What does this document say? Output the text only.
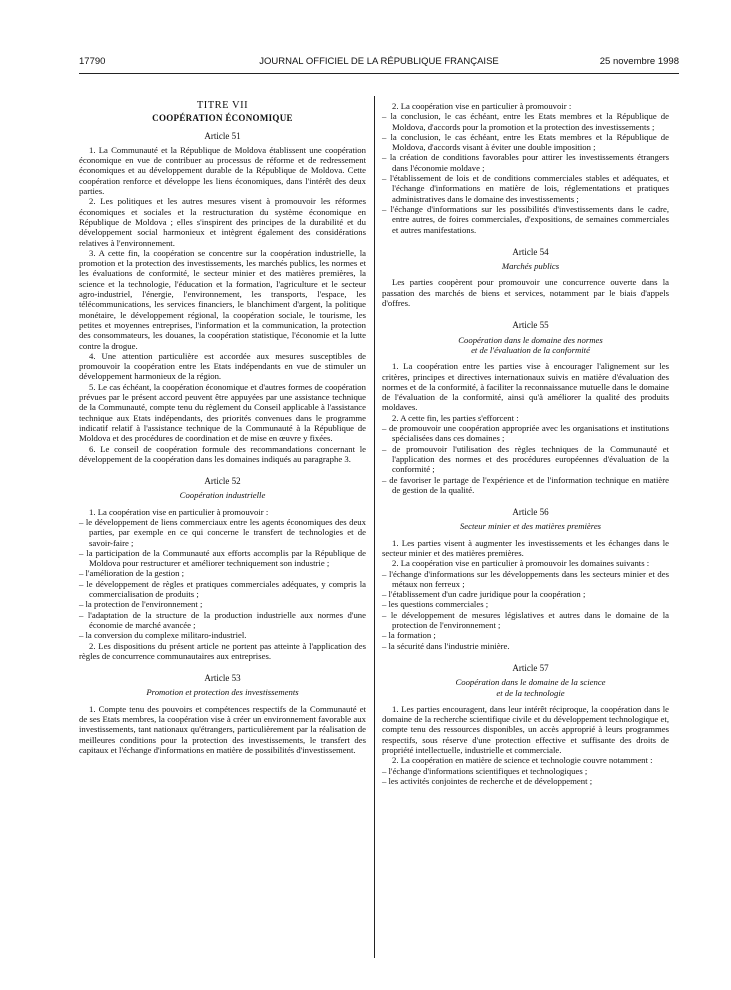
17790	JOURNAL OFFICIEL DE LA RÉPUBLIQUE FRANÇAISE	25 novembre 1998

TITRE VII

COOPÉRATION ÉCONOMIQUE

Article 51

1. La Communauté et la République de Moldova établissent une coopération économique en vue de contribuer au processus de réforme et de redressement économiques et au développement durable de la République de Moldova. Cette coopération renforce et développe les liens économiques, dans l'intérêt des deux parties.

2. Les politiques et les autres mesures visent à promouvoir les réformes économiques et sociales et la restructuration du système économique en République de Moldova ; elles s'inspirent des principes de la durabilité et du développement social harmonieux et intègrent également des considérations relatives à l'environnement.

3. A cette fin, la coopération se concentre sur la coopération industrielle, la promotion et la protection des investissements, les marchés publics, les normes et les évaluations de conformité, le secteur minier et des matières premières, la science et la technologie, l'éducation et la formation, l'agriculture et le secteur agro-industriel, l'énergie, l'environnement, les transports, l'espace, les télécommunications, les services financiers, le blanchiment d'argent, la politique monétaire, le développement régional, la coopération sociale, le tourisme, les petites et moyennes entreprises, l'information et la communication, la protection des consommateurs, les douanes, la coopération statistique, l'économie et la lutte contre la drogue.

4. Une attention particulière est accordée aux mesures susceptibles de promouvoir la coopération entre les Etats indépendants en vue de stimuler un développement harmonieux de la région.

5. Le cas échéant, la coopération économique et d'autres formes de coopération prévues par le présent accord peuvent être appuyées par une assistance technique de la Communauté, compte tenu du règlement du Conseil applicable à l'assistance technique aux Etats indépendants, des priorités convenues dans le programme indicatif relatif à l'assistance technique de la Communauté à la République de Moldova et des procédures de coordination et de mise en œuvre y fixées.

6. Le conseil de coopération formule des recommandations concernant le développement de la coopération dans les domaines indiqués au paragraphe 3.

Article 52

Coopération industrielle

1. La coopération vise en particulier à promouvoir :

– le développement de liens commerciaux entre les agents économiques des deux parties, par exemple en ce qui concerne le transfert de technologies et de savoir-faire ;
– la participation de la Communauté aux efforts accomplis par la République de Moldova pour restructurer et améliorer techniquement son industrie ;
– l'amélioration de la gestion ;
– le développement de règles et pratiques commerciales adéquates, y compris la commercialisation de produits ;
– la protection de l'environnement ;
– l'adaptation de la structure de la production industrielle aux normes d'une économie de marché avancée ;
– la conversion du complexe militaro-industriel.

2. Les dispositions du présent article ne portent pas atteinte à l'application des règles de concurrence communautaires aux entreprises.

Article 53

Promotion et protection des investissements

1. Compte tenu des pouvoirs et compétences respectifs de la Communauté et de ses Etats membres, la coopération vise à créer un environnement favorable aux investissements, tant nationaux qu'étrangers, particulièrement par la réalisation de meilleures conditions pour la protection des investissements, le transfert des capitaux et l'échange d'informations en matière de possibilités d'investissement.

2. La coopération vise en particulier à promouvoir :

– la conclusion, le cas échéant, entre les Etats membres et la République de Moldova, d'accords pour la promotion et la protection des investissements ;
– la conclusion, le cas échéant, entre les Etats membres et la République de Moldova, d'accords visant à éviter une double imposition ;
– la création de conditions favorables pour attirer les investissements étrangers dans l'économie moldave ;
– l'établissement de lois et de conditions commerciales stables et adéquates, et l'échange d'informations en matière de lois, réglementations et pratiques administratives dans le domaine des investissements ;
– l'échange d'informations sur les possibilités d'investissements dans le cadre, entre autres, de foires commerciales, d'expositions, de semaines commerciales et autres manifestations.

Article 54

Marchés publics

Les parties coopèrent pour promouvoir une concurrence ouverte dans la passation des marchés de biens et services, notamment par le biais d'appels d'offres.

Article 55

Coopération dans le domaine des normes

et de l'évaluation de la conformité

1. La coopération entre les parties vise à encourager l'alignement sur les critères, principes et directives internationaux suivis en matière d'évaluation des normes et de la conformité, à faciliter la reconnaissance mutuelle dans le domaine de l'évaluation de la conformité, ainsi qu'à améliorer la qualité des produits moldaves.

2. A cette fin, les parties s'efforcent :

– de promouvoir une coopération appropriée avec les organisations et institutions spécialisées dans ces domaines ;
– de promouvoir l'utilisation des règles techniques de la Communauté et l'application des normes et des procédures européennes d'évaluation de la conformité ;
– de favoriser le partage de l'expérience et de l'information technique en matière de gestion de la qualité.

Article 56

Secteur minier et des matières premières

1. Les parties visent à augmenter les investissements et les échanges dans le secteur minier et des matières premières.

2. La coopération vise en particulier à promouvoir les domaines suivants :

– l'échange d'informations sur les développements dans les secteurs minier et des métaux non ferreux ;
– l'établissement d'un cadre juridique pour la coopération ;
– les questions commerciales ;
– le développement de mesures législatives et autres dans le domaine de la protection de l'environnement ;
– la formation ;
– la sécurité dans l'industrie minière.

Article 57

Coopération dans le domaine de la science

et de la technologie

1. Les parties encouragent, dans leur intérêt réciproque, la coopération dans le domaine de la recherche scientifique civile et du développement technologique et, compte tenu des ressources disponibles, un accès approprié à leurs programmes respectifs, sous réserve d'une protection effective et suffisante des droits de propriété intellectuelle, industrielle et commerciale.

2. La coopération en matière de science et technologie couvre notamment :

– l'échange d'informations scientifiques et technologiques ;
– les activités conjointes de recherche et de développement ;
